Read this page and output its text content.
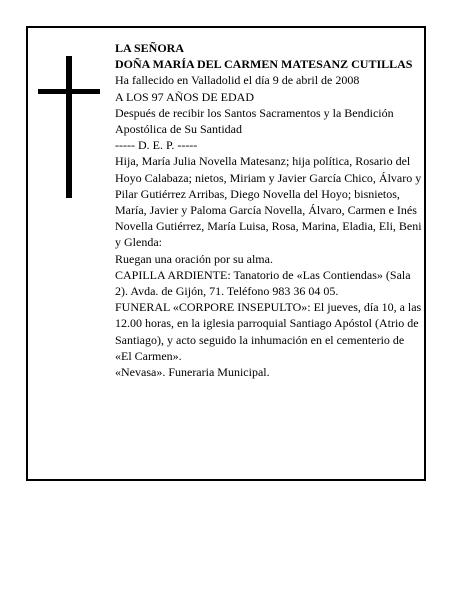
LA SEÑORA

DOÑA MARÍA DEL CARMEN MATESANZ CUTILLAS

Ha fallecido en Valladolid el día 9 de abril de 2008

A LOS 97 AÑOS DE EDAD

Después de recibir los Santos Sacramentos y la Bendición Apostólica de Su Santidad

----- D. E. P. -----

Hija, María Julia Novella Matesanz; hija política, Rosario del Hoyo Calabaza; nietos, Miriam y Javier García Chico, Álvaro y Pilar Gutiérrez Arribas, Diego Novella del Hoyo; bisnietos, María, Javier y Paloma García Novella, Álvaro, Carmen e Inés Novella Gutiérrez, María Luisa, Rosa, Marina, Eladia, Eli, Beni y Glenda:

Ruegan una oración por su alma.

CAPILLA ARDIENTE: Tanatorio de «Las Contiendas» (Sala 2). Avda. de Gijón, 71. Teléfono 983 36 04 05.

FUNERAL «CORPORE INSEPULTO»: El jueves, día 10, a las 12.00 horas, en la iglesia parroquial Santiago Apóstol (Atrio de Santiago), y acto seguido la inhumación en el cementerio de «El Carmen».

«Nevasa». Funeraria Municipal.
